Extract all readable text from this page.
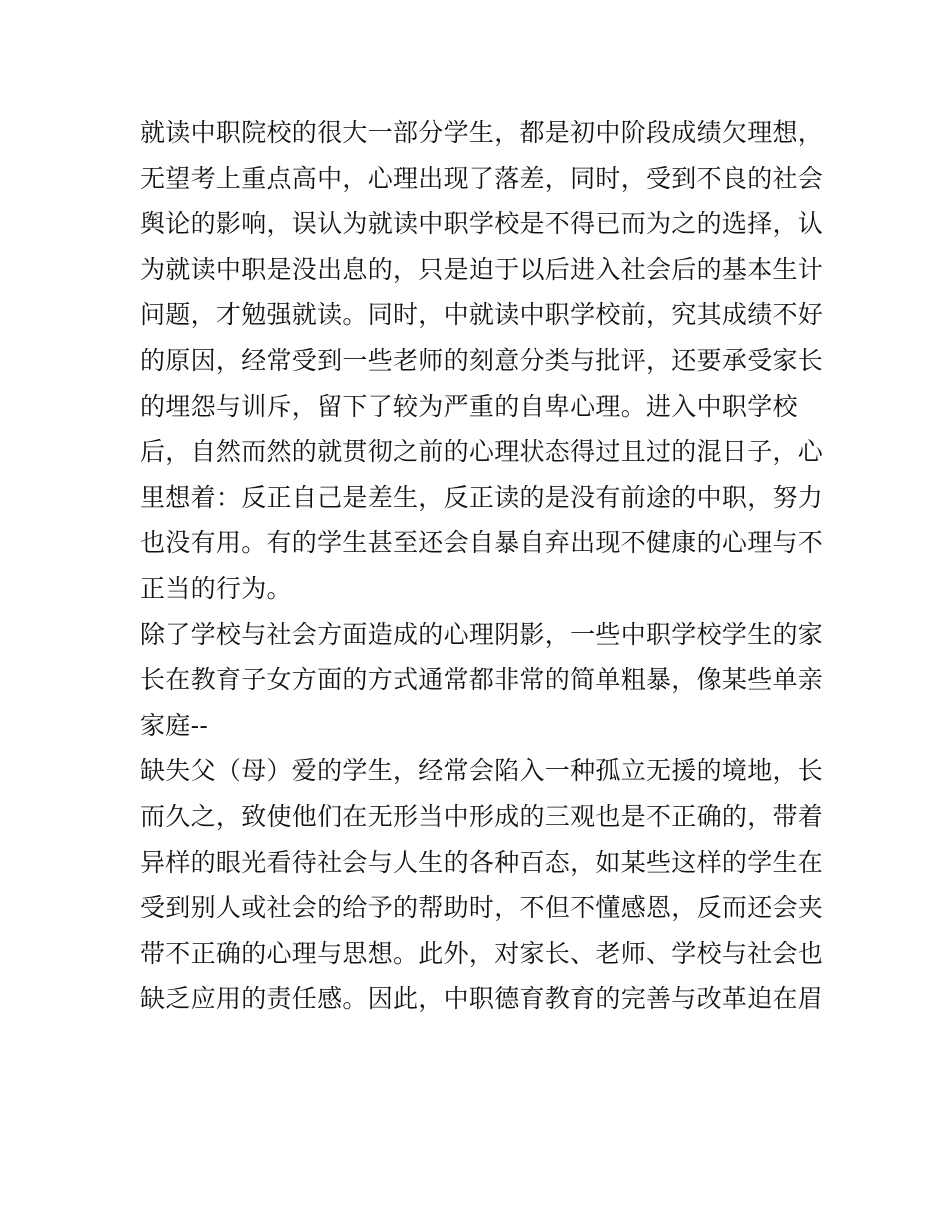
就读中职院校的很大一部分学生，都是初中阶段成绩欠理想，
无望考上重点高中，心理出现了落差，同时，受到不良的社会
舆论的影响，误认为就读中职学校是不得已而为之的选择，认
为就读中职是没出息的，只是迫于以后进入社会后的基本生计
问题，才勉强就读。同时，中就读中职学校前，究其成绩不好
的原因，经常受到一些老师的刻意分类与批评，还要承受家长
的埋怨与训斥，留下了较为严重的自卑心理。进入中职学校
后，自然而然的就贯彻之前的心理状态得过且过的混日子，心
里想着：反正自己是差生，反正读的是没有前途的中职，努力
也没有用。有的学生甚至还会自暴自弃出现不健康的心理与不
正当的行为。
除了学校与社会方面造成的心理阴影，一些中职学校学生的家
长在教育子女方面的方式通常都非常的简单粗暴，像某些单亲
家庭--
缺失父（母）爱的学生，经常会陷入一种孤立无援的境地，长
而久之，致使他们在无形当中形成的三观也是不正确的，带着
异样的眼光看待社会与人生的各种百态，如某些这样的学生在
受到别人或社会的给予的帮助时，不但不懂感恩，反而还会夹
带不正确的心理与思想。此外，对家长、老师、学校与社会也
缺乏应用的责任感。因此，中职德育教育的完善与改革迫在眉
